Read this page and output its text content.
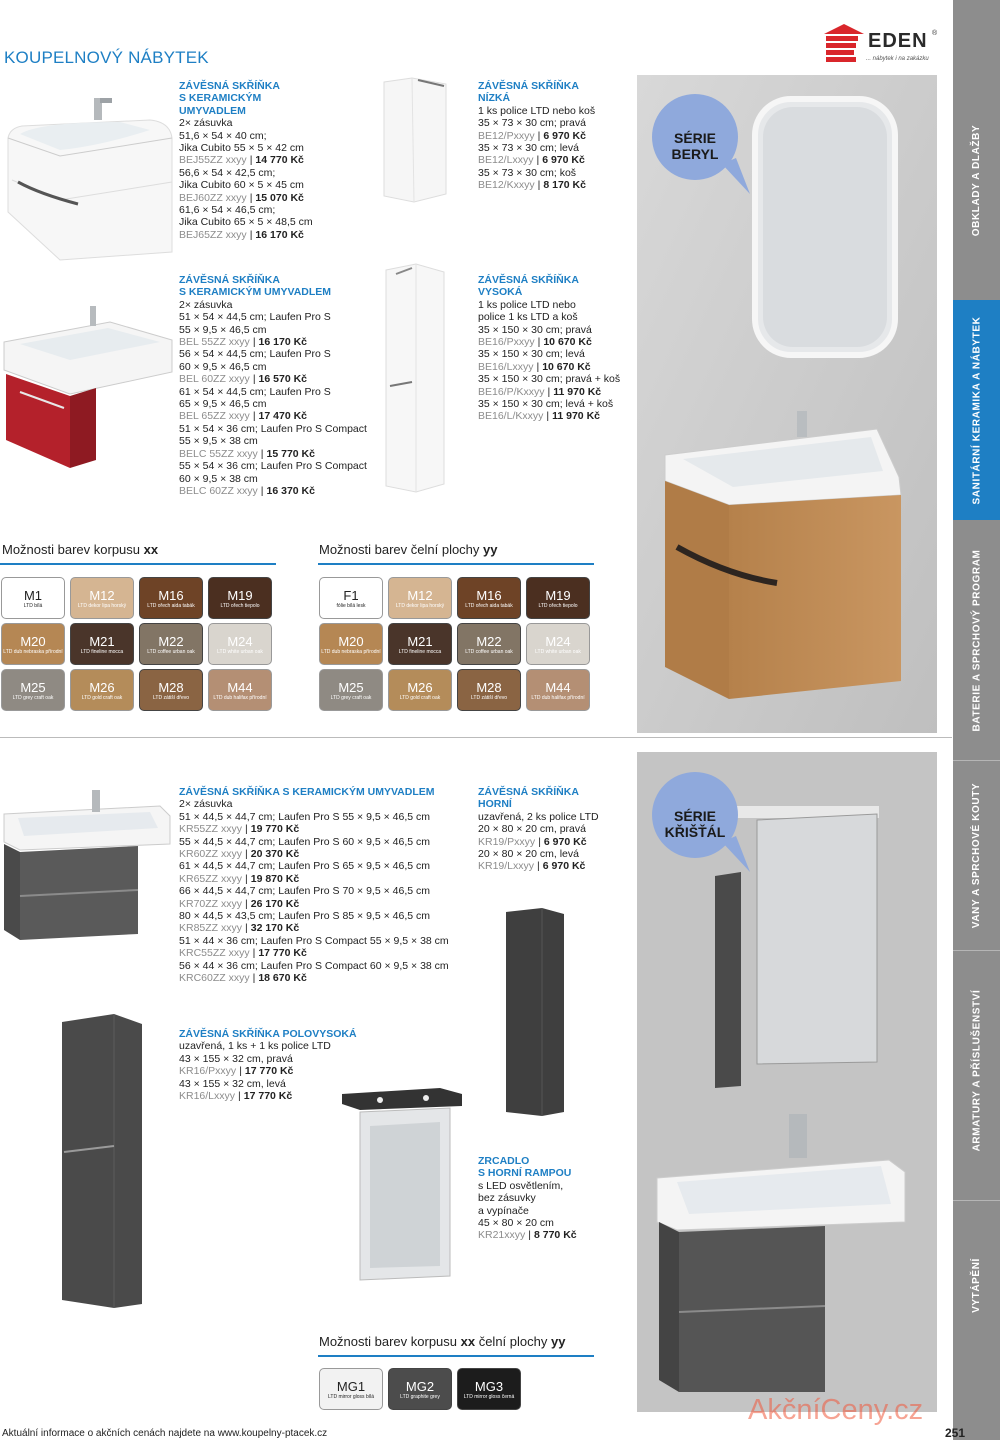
KOUPELNOVÝ NÁBYTEK
EDEN ®
... nábytek i na zakázku
OBKLADY A DLAŽBY
SANITÁRNÍ KERAMIKA A NÁBYTEK
BATERIE A SPRCHOVÝ PROGRAM
VANY A SPRCHOVÉ KOUTY
ARMATURY A PŘÍSLUŠENSTVÍ
VYTÁPĚNÍ
SÉRIE
BERYL
ZÁVĚSNÁ SKŘÍŇKA
S KERAMICKÝM
UMYVADLEM
2× zásuvka
51,6 × 54 × 40 cm;
Jika Cubito 55 × 5 × 42 cm
BEJ55ZZ xxyy | 14 770 Kč
56,6 × 54 × 42,5 cm;
Jika Cubito 60 × 5 × 45 cm
BEJ60ZZ xxyy | 15 070 Kč
61,6 × 54 × 46,5 cm;
Jika Cubito 65 × 5 × 48,5 cm
BEJ65ZZ xxyy | 16 170 Kč
ZÁVĚSNÁ SKŘÍŇKA
NÍZKÁ
1 ks police LTD nebo koš
35 × 73 × 30 cm; pravá
BE12/Pxxyy | 6 970 Kč
35 × 73 × 30 cm; levá
BE12/Lxxyy | 6 970 Kč
35 × 73 × 30 cm; koš
BE12/Kxxyy | 8 170 Kč
ZÁVĚSNÁ SKŘÍŇKA
S KERAMICKÝM UMYVADLEM
2× zásuvka
51 × 54 × 44,5 cm; Laufen Pro S
55 × 9,5 × 46,5 cm
BEL 55ZZ xxyy | 16 170 Kč
56 × 54 × 44,5 cm; Laufen Pro S
60 × 9,5 × 46,5 cm
BEL 60ZZ xxyy | 16 570 Kč
61 × 54 × 44,5 cm; Laufen Pro S
65 × 9,5 × 46,5 cm
BEL 65ZZ xxyy | 17 470 Kč
51 × 54 × 36 cm; Laufen Pro S Compact
55 × 9,5 × 38 cm
BELC 55ZZ xxyy | 15 770 Kč
55 × 54 × 36 cm; Laufen Pro S Compact
60 × 9,5 × 38 cm
BELC 60ZZ xxyy | 16 370 Kč
ZÁVĚSNÁ SKŘÍŇKA
VYSOKÁ
1 ks police LTD nebo
police 1 ks LTD a koš
35 × 150 × 30 cm; pravá
BE16/Pxxyy | 10 670 Kč
35 × 150 × 30 cm; levá
BE16/Lxxyy | 10 670 Kč
35 × 150 × 30 cm; pravá + koš
BE16/P/Kxxyy | 11 970 Kč
35 × 150 × 30 cm; levá + koš
BE16/L/Kxxyy | 11 970 Kč
Možnosti barev korpusu xx
M1
LTD bílá
M12
LTD dekor lipa horský
M16
LTD ořech aida tabák
M19
LTD ořech tiepolo
M20
LTD dub nebraska přírodní
M21
LTD fineline mocca
M22
LTD coffee urban oak
M24
LTD white urban oak
M25
LTD grey craft oak
M26
LTD gold craft oak
M28
LTD zátiší dřevo
M44
LTD dub halifax přírodní
Možnosti barev čelní plochy yy
F1
fólie bílá lesk
M12
LTD dekor lipa horský
M16
LTD ořech aida tabák
M19
LTD ořech tiepolo
M20
LTD dub nebraska přírodní
M21
LTD fineline mocca
M22
LTD coffee urban oak
M24
LTD white urban oak
M25
LTD grey craft oak
M26
LTD gold craft oak
M28
LTD zátiší dřevo
M44
LTD dub halifax přírodní
SÉRIE
KŘIŠŤÁL
ZÁVĚSNÁ SKŘÍŇKA S KERAMICKÝM UMYVADLEM
2× zásuvka
51 × 44,5 × 44,7 cm; Laufen Pro S 55 × 9,5 × 46,5 cm
KR55ZZ xxyy | 19 770 Kč
55 × 44,5 × 44,7 cm; Laufen Pro S 60 × 9,5 × 46,5 cm
KR60ZZ xxyy | 20 370 Kč
61 × 44,5 × 44,7 cm; Laufen Pro S 65 × 9,5 × 46,5 cm
KR65ZZ xxyy | 19 870 Kč
66 × 44,5 × 44,7 cm; Laufen Pro S 70 × 9,5 × 46,5 cm
KR70ZZ xxyy | 26 170 Kč
80 × 44,5 × 43,5 cm; Laufen Pro S 85 × 9,5 × 46,5 cm
KR85ZZ xxyy | 32 170 Kč
51 × 44 × 36 cm; Laufen Pro S Compact 55 × 9,5 × 38 cm
KRC55ZZ xxyy | 17 770 Kč
56 × 44 × 36 cm; Laufen Pro S Compact 60 × 9,5 × 38 cm
KRC60ZZ xxyy | 18 670 Kč
ZÁVĚSNÁ SKŘÍŇKA
HORNÍ
uzavřená, 2 ks police LTD
20 × 80 × 20 cm, pravá
KR19/Pxxyy | 6 970 Kč
20 × 80 × 20 cm, levá
KR19/Lxxyy | 6 970 Kč
ZÁVĚSNÁ SKŘÍŇKA POLOVYSOKÁ
uzavřená, 1 ks + 1 ks police LTD
43 × 155 × 32 cm, pravá
KR16/Pxxyy | 17 770 Kč
43 × 155 × 32 cm, levá
KR16/Lxxyy | 17 770 Kč
ZRCADLO
S HORNÍ RAMPOU
s LED osvětlením,
bez zásuvky
a vypínače
45 × 80 × 20 cm
KR21xxyy | 8 770 Kč
Možnosti barev korpusu xx čelní plochy yy
MG1
LTD mirror gloss bílá
MG2
LTD graphite grey
MG3
LTD mirror gloss černá
Aktuální informace o akčních cenách najdete na www.koupelny-ptacek.cz	251
AkčníCeny.cz
